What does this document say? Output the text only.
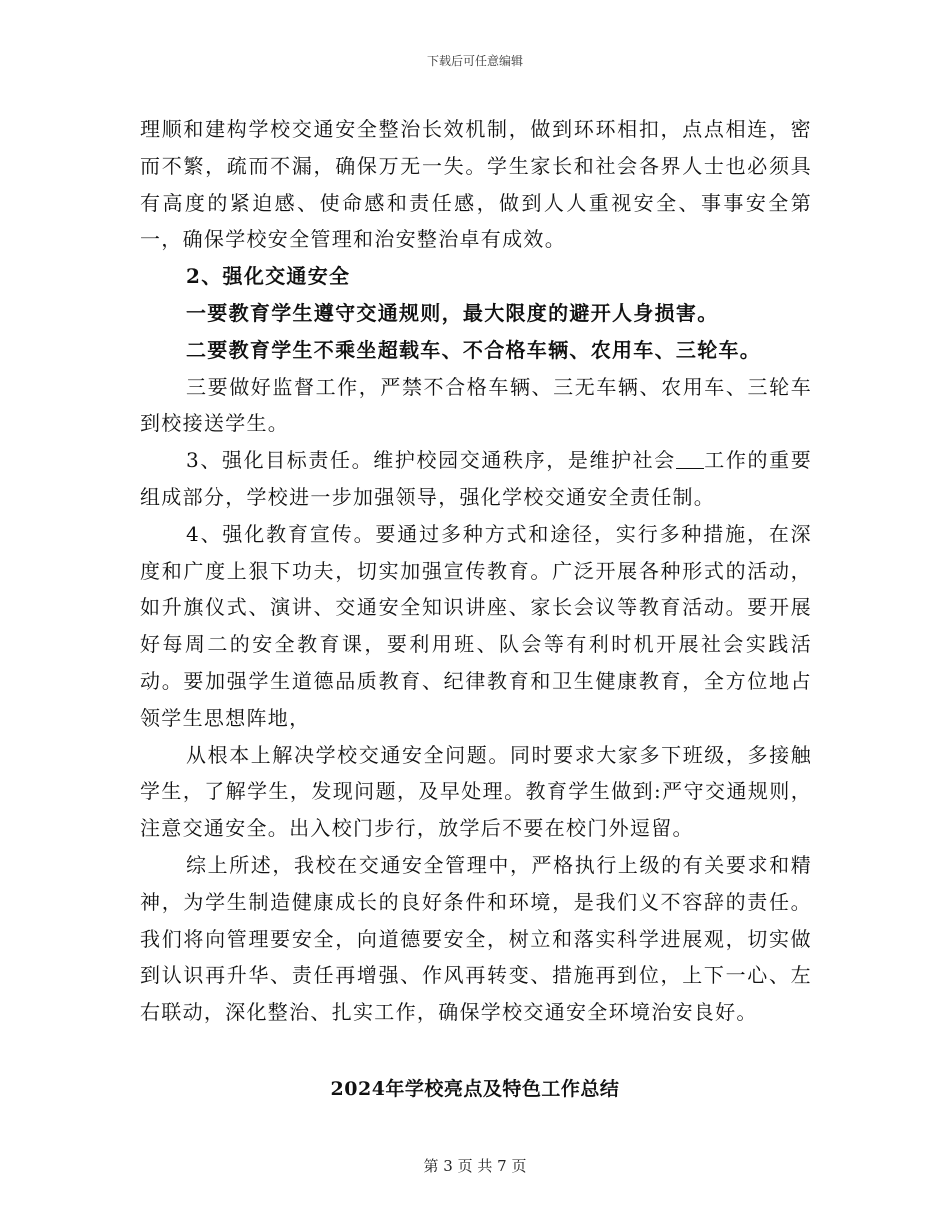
下载后可任意编辑

理顺和建构学校交通安全整治长效机制，做到环环相扣，点点相连，密而不繁，疏而不漏，确保万无一失。学生家长和社会各界人士也必须具有高度的紧迫感、使命感和责任感，做到人人重视安全、事事安全第一，确保学校安全管理和治安整治卓有成效。

2、强化交通安全

一要教育学生遵守交通规则，最大限度的避开人身损害。

二要教育学生不乘坐超载车、不合格车辆、农用车、三轮车。

三要做好监督工作，严禁不合格车辆、三无车辆、农用车、三轮车到校接送学生。

3、强化目标责任。维护校园交通秩序，是维护社会 工作的重要组成部分，学校进一步加强领导，强化学校交通安全责任制。

4、强化教育宣传。要通过多种方式和途径，实行多种措施，在深度和广度上狠下功夫，切实加强宣传教育。广泛开展各种形式的活动，如升旗仪式、演讲、交通安全知识讲座、家长会议等教育活动。要开展好每周二的安全教育课，要利用班、队会等有利时机开展社会实践活动。要加强学生道德品质教育、纪律教育和卫生健康教育，全方位地占领学生思想阵地，

从根本上解决学校交通安全问题。同时要求大家多下班级，多接触学生，了解学生，发现问题，及早处理。教育学生做到:严守交通规则，注意交通安全。出入校门步行，放学后不要在校门外逗留。

综上所述，我校在交通安全管理中，严格执行上级的有关要求和精神，为学生制造健康成长的良好条件和环境，是我们义不容辞的责任。我们将向管理要安全，向道德要安全，树立和落实科学进展观，切实做到认识再升华、责任再增强、作风再转变、措施再到位，上下一心、左右联动，深化整治、扎实工作，确保学校交通安全环境治安良好。

2024年学校亮点及特色工作总结
第 3 页 共 7 页
